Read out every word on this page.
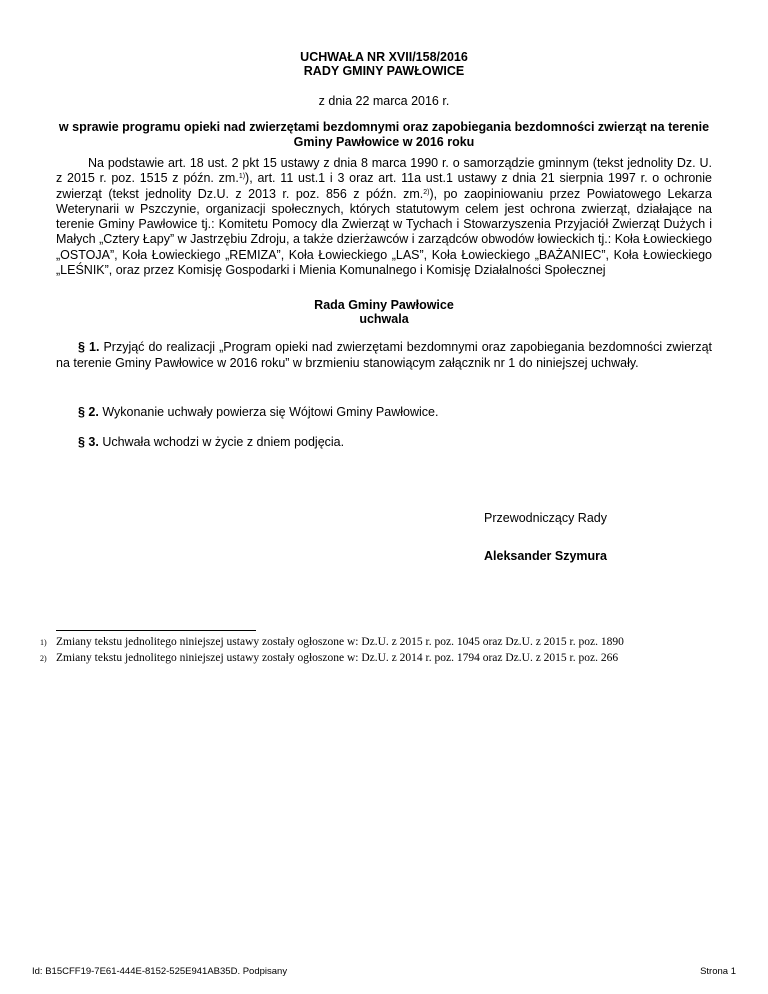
UCHWAŁA NR XVII/158/2016
RADY GMINY PAWŁOWICE
z dnia 22 marca 2016 r.
w sprawie programu opieki nad zwierzętami bezdomnymi oraz zapobiegania bezdomności zwierząt na terenie Gminy Pawłowice w 2016 roku
Na podstawie art. 18 ust. 2 pkt 15 ustawy z dnia 8 marca 1990 r. o samorządzie gminnym (tekst jednolity Dz. U. z 2015 r. poz. 1515 z późn. zm.$^{1)}$), art. 11 ust.1 i 3 oraz art. 11a ust.1 ustawy z dnia 21 sierpnia 1997 r. o ochronie zwierząt (tekst jednolity Dz.U. z 2013 r. poz. 856 z późn. zm.$^{2)}$), po zaopiniowaniu przez Powiatowego Lekarza Weterynarii w Pszczynie, organizacji społecznych, których statutowym celem jest ochrona zwierząt, działające na terenie Gminy Pawłowice tj.: Komitetu Pomocy dla Zwierząt w Tychach i Stowarzyszenia Przyjaciół Zwierząt Dużych i Małych „Cztery Łapy” w Jastrzębiu Zdroju, a także dzierżawców i zarządców obwodów łowieckich tj.: Koła Łowieckiego „OSTOJA”, Koła Łowieckiego „REMIZA”, Koła Łowieckiego „LAS”, Koła Łowieckiego „BAŻANIEC”, Koła Łowieckiego „LEŚNIK”, oraz przez Komisję Gospodarki i Mienia Komunalnego i Komisję Działalności Społecznej
Rada Gminy Pawłowice
uchwala
§ 1. Przyjąć do realizacji „Program opieki nad zwierzętami bezdomnymi oraz zapobiegania bezdomności zwierząt na terenie Gminy Pawłowice w 2016 roku” w brzmieniu stanowiącym załącznik nr 1 do niniejszej uchwały.
§ 2. Wykonanie uchwały powierza się Wójtowi Gminy Pawłowice.
§ 3. Uchwała wchodzi w życie z dniem podjęcia.
Przewodniczący Rady
Aleksander Szymura
1) Zmiany tekstu jednolitego niniejszej ustawy zostały ogłoszone w: Dz.U. z 2015 r. poz. 1045 oraz Dz.U. z 2015 r. poz. 1890
2) Zmiany tekstu jednolitego niniejszej ustawy zostały ogłoszone w: Dz.U. z 2014 r. poz. 1794 oraz Dz.U. z 2015 r. poz. 266
Id: B15CFF19-7E61-444E-8152-525E941AB35D. Podpisany	Strona 1
